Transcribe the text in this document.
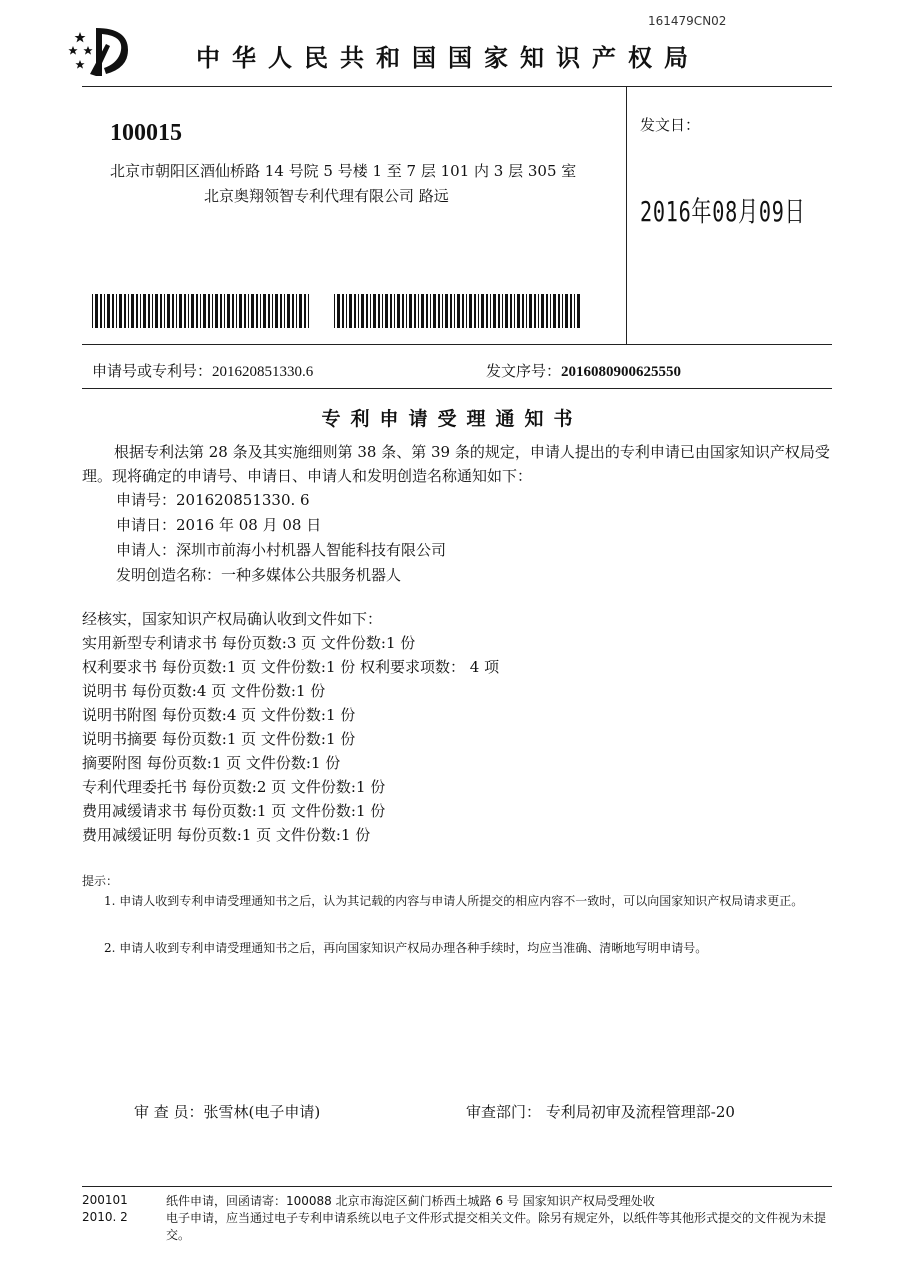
161479CN02
中华人民共和国国家知识产权局
100015
北京市朝阳区酒仙桥路 14 号院 5 号楼 1 至 7 层 101 内 3 层 305 室
北京奥翔领智专利代理有限公司 路远
发文日：
2016年08月09日
申请号或专利号：201620851330.6	发文序号：2016080900625550
专利申请受理通知书
根据专利法第 28 条及其实施细则第 38 条、第 39 条的规定，申请人提出的专利申请已由国家知识产权局受理。现将确定的申请号、申请日、申请人和发明创造名称通知如下：
申请号：201620851330. 6
申请日：2016 年 08 月 08 日
申请人：深圳市前海小村机器人智能科技有限公司
发明创造名称：一种多媒体公共服务机器人
经核实，国家知识产权局确认收到文件如下：
实用新型专利请求书 每份页数:3 页 文件份数:1 份
权利要求书 每份页数:1 页 文件份数:1 份 权利要求项数： 4 项
说明书 每份页数:4 页 文件份数:1 份
说明书附图 每份页数:4 页 文件份数:1 份
说明书摘要 每份页数:1 页 文件份数:1 份
摘要附图 每份页数:1 页 文件份数:1 份
专利代理委托书 每份页数:2 页 文件份数:1 份
费用减缓请求书 每份页数:1 页 文件份数:1 份
费用减缓证明 每份页数:1 页 文件份数:1 份
提示：
1. 申请人收到专利申请受理通知书之后，认为其记载的内容与申请人所提交的相应内容不一致时，可以向国家知识产权局请求更正。
2. 申请人收到专利申请受理通知书之后，再向国家知识产权局办理各种手续时，均应当准确、清晰地写明申请号。
审 查 员：张雪林(电子申请)	审查部门： 专利局初审及流程管理部-20
200101
2010. 2
纸件申请，回函请寄：100088 北京市海淀区蓟门桥西土城路 6 号 国家知识产权局受理处收
电子申请，应当通过电子专利申请系统以电子文件形式提交相关文件。除另有规定外，以纸件等其他形式提交的文件视为未提交。
